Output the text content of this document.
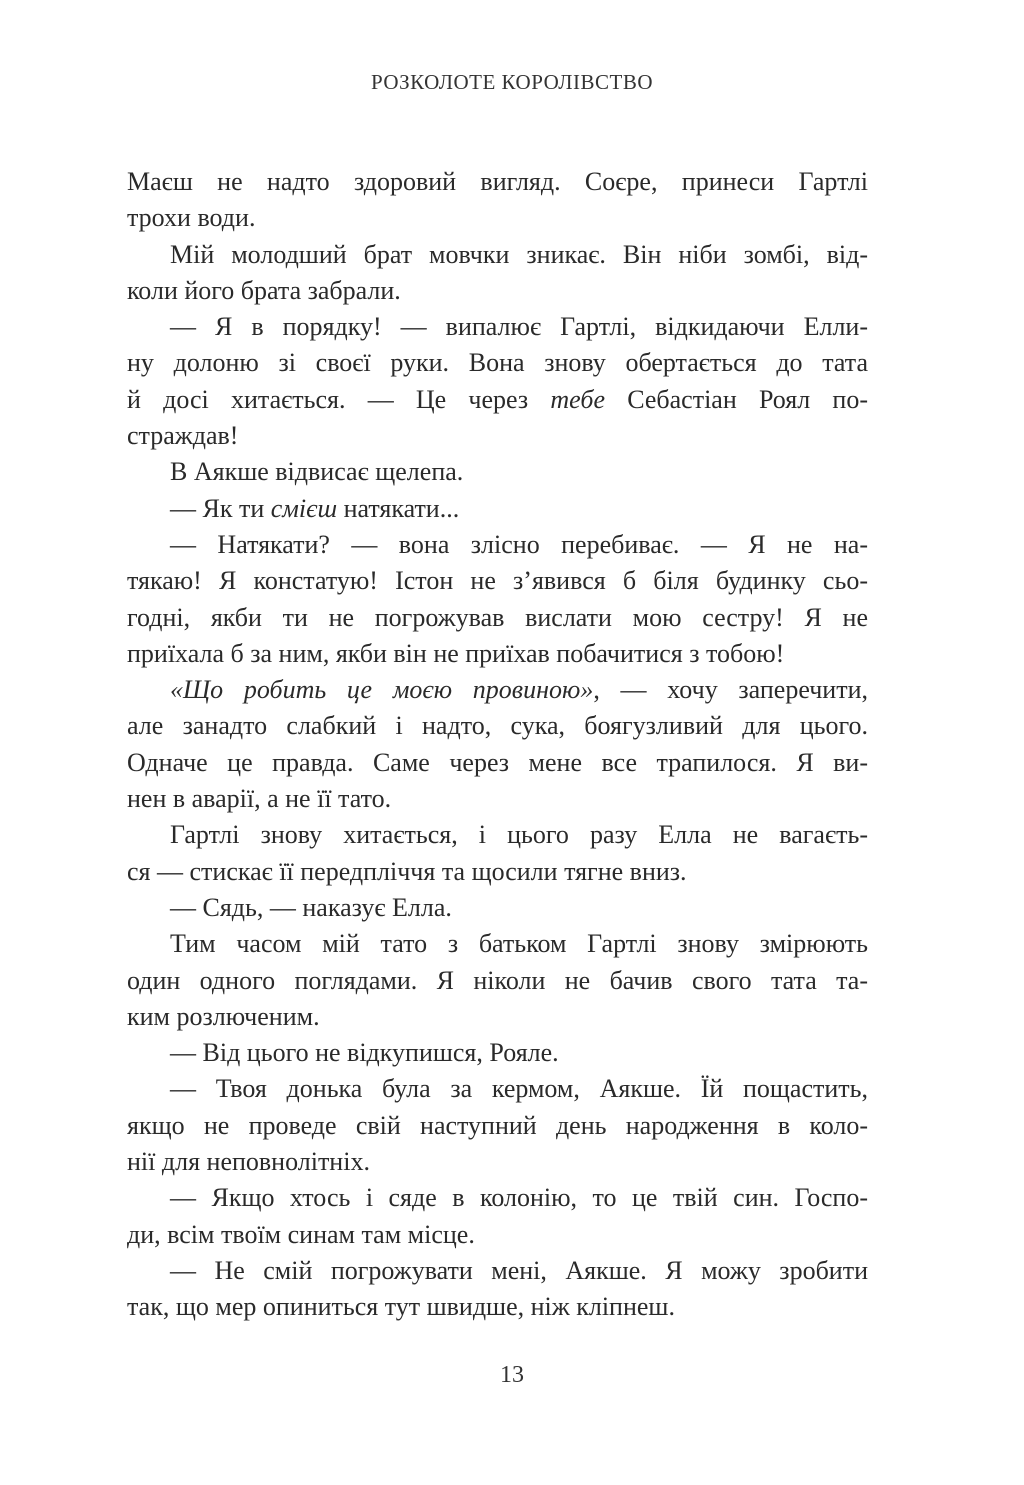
РОЗКОЛОТЕ КОРОЛІВСТВО
Маєш не надто здоровий вигляд. Соєре, принеси Гартлі
трохи води.
Мій молодший брат мовчки зникає. Він ніби зомбі, від-
коли його брата забрали.
— Я в порядку! — випалює Гартлі, відкидаючи Елли-
ну долоню зі своєї руки. Вона знову обертається до тата
й досі хитається. — Це через тебе Себастіан Роял по-
страждав!
В Аякше відвисає щелепа.
— Як ти смієш натякати...
— Натякати? — вона злісно перебиває. — Я не на-
тякаю! Я констатую! Істон не з’явився б біля будинку сьо-
годні, якби ти не погрожував вислати мою сестру! Я не
приїхала б за ним, якби він не приїхав побачитися з тобою!
«Що робить це моєю провиною», — хочу заперечити,
але занадто слабкий і надто, сука, боягузливий для цього.
Одначе це правда. Саме через мене все трапилося. Я ви-
нен в аварії, а не її тато.
Гартлі знову хитається, і цього разу Елла не вагаєть-
ся — стискає її передпліччя та щосили тягне вниз.
— Сядь, — наказує Елла.
Тим часом мій тато з батьком Гартлі знову змірюють
один одного поглядами. Я ніколи не бачив свого тата та-
ким розлюченим.
— Від цього не відкупишся, Рояле.
— Твоя донька була за кермом, Аякше. Їй пощастить,
якщо не проведе свій наступний день народження в коло-
нії для неповнолітніх.
— Якщо хтось і сяде в колонію, то це твій син. Госпо-
ди, всім твоїм синам там місце.
— Не смій погрожувати мені, Аякше. Я можу зробити
так, що мер опиниться тут швидше, ніж кліпнеш.
13
